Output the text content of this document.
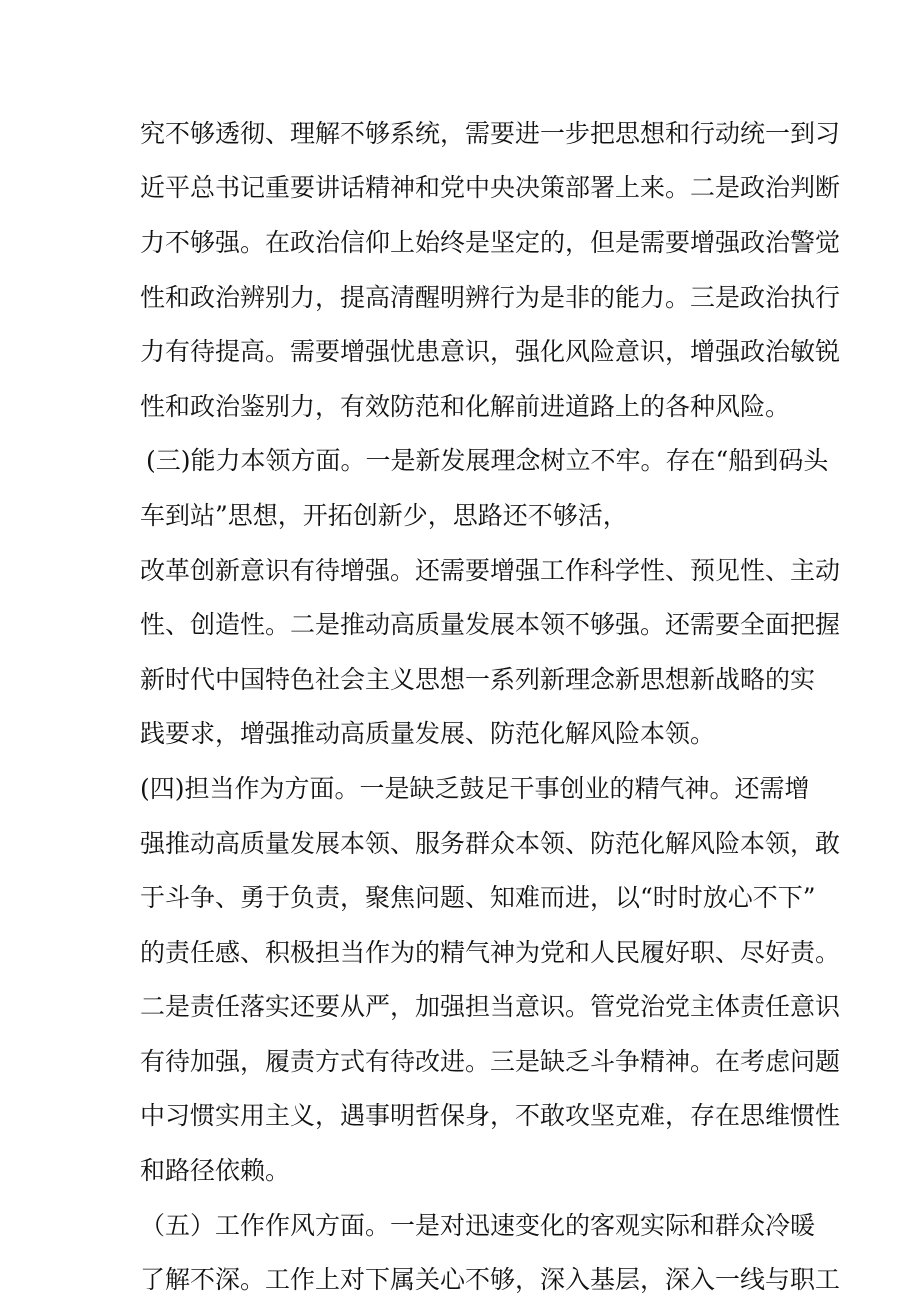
究 不 够 透 彻 、 理 解 不 够 系 统 ， 需 要 进 一 步 把 思 想 和 行 动 统 一 到 习
近 平 总 书 记 重 要 讲 话 精 神 和 党 中 央 决 策 部 署 上 来 。 二 是 政 治 判 断
力 不 够 强 。 在 政 治 信 仰 上 始 终 是 坚 定 的 ， 但 是 需 要 增 强 政 治 警 觉
性 和 政 治 辨 别 力 ， 提 高 清 醒 明 辨 行 为 是 非 的 能 力 。 三 是 政 治 执 行
力 有 待 提 高 。 需 要 增 强 忧 患 意 识 ， 强 化 风 险 意 识 ， 增 强 政 治 敏 锐
性和政治鉴别力，有效防范和化解前进道路上的各种风险。
( 三 ) 能 力 本 领 方 面 。 一 是 新 发 展 理 念 树 立 不 牢 。 存 在 “ 船 到 码 头
车到站”思想，开拓创新少，思路还不够活，
改 革 创 新 意 识 有 待 增 强 。 还 需 要 增 强 工 作 科 学 性 、 预 见 性 、 主 动
性 、 创 造 性 。 二 是 推 动 高 质 量 发 展 本 领 不 够 强 。 还 需 要 全 面 把 握
新 时 代 中 国 特 色 社 会 主 义 思 想 一 系 列 新 理 念 新 思 想 新 战 略 的 实
践要求，增强推动高质量发展、防范化解风险本领。
( 四 ) 担 当 作 为 方 面 。 一 是 缺 乏 鼓 足 干 事 创 业 的 精 气 神 。 还 需 增
强 推 动 高 质 量 发 展 本 领 、 服 务 群 众 本 领 、 防 范 化 解 风 险 本 领 ， 敢
于 斗 争 、 勇 于 负 责 ， 聚 焦 问 题 、 知 难 而 进 ， 以 “ 时 时 放 心 不 下 ”
的 责 任 感 、 积 极 担 当 作 为 的 精 气 神 为 党 和 人 民 履 好 职 、 尽 好 责 。
二 是 责 任 落 实 还 要 从 严 ， 加 强 担 当 意 识 。 管 党 治 党 主 体 责 任 意 识
有 待 加 强 ， 履 责 方 式 有 待 改 进 。 三 是 缺 乏 斗 争 精 神 。 在 考 虑 问 题
中 习 惯 实 用 主 义 ， 遇 事 明 哲 保 身 ， 不 敢 攻 坚 克 难 ， 存 在 思 维 惯 性
和路径依赖。
（ 五 ） 工 作 作 风 方 面 。 一 是 对 迅 速 变 化 的 客 观 实 际 和 群 众 冷 暖
了 解 不 深 。 工 作 上 对 下 属 关 心 不 够 ， 深 入 基 层 ， 深 入 一 线 与 职 工
